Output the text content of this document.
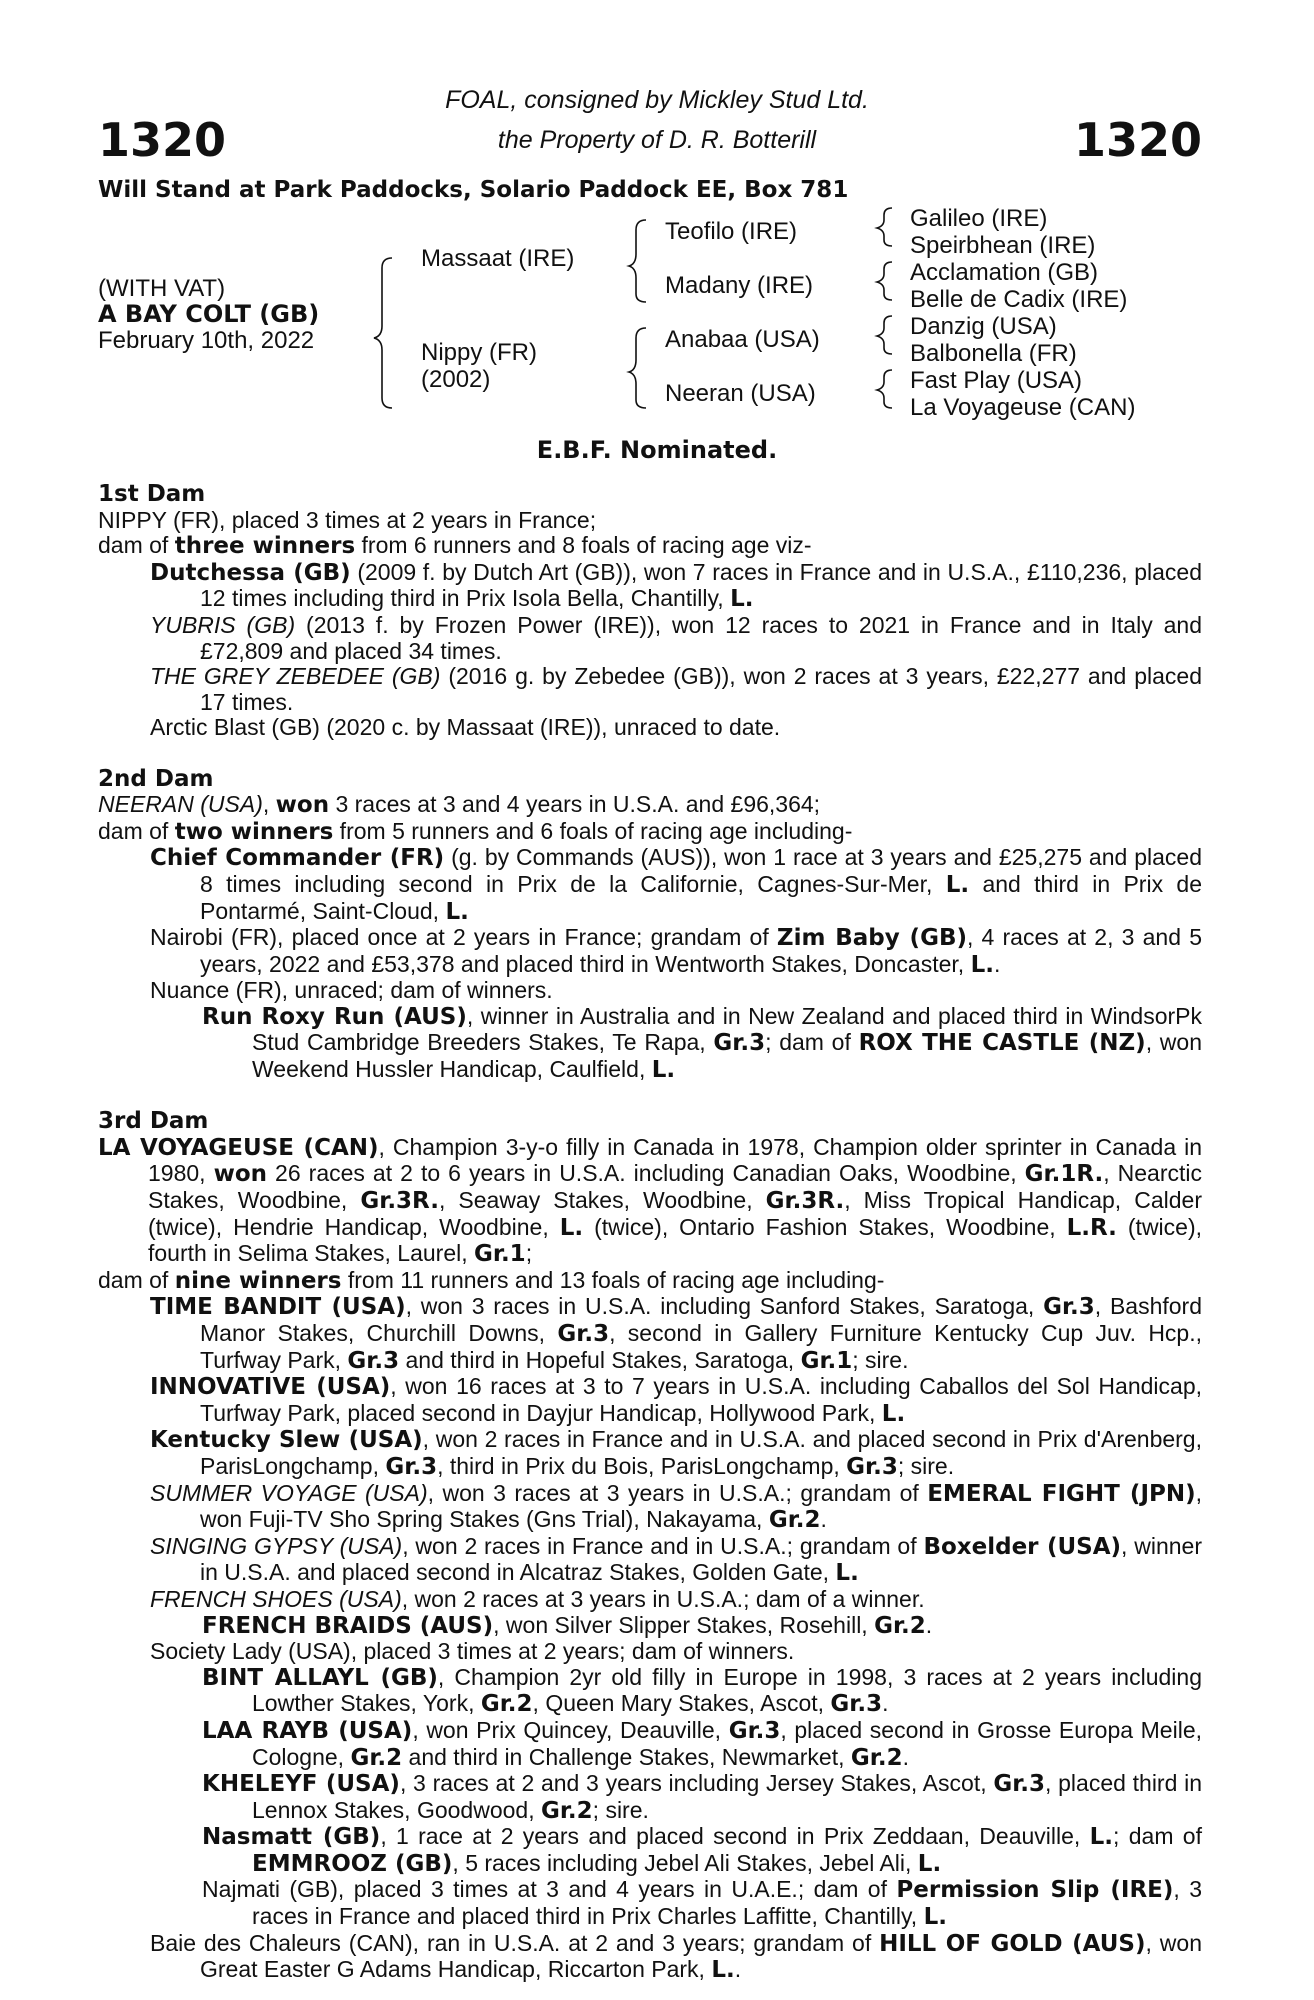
1320	1320
FOAL, consigned by Mickley Stud Ltd.
the Property of D. R. Botterill
Will Stand at Park Paddocks, Solario Paddock EE, Box 781
(WITH VAT)
A BAY COLT (GB)
February 10th, 2022
Massaat (IRE)
Nippy (FR)
(2002)
Teofilo (IRE)
Madany (IRE)
Anabaa (USA)
Neeran (USA)
Galileo (IRE)
Speirbhean (IRE)
Acclamation (GB)
Belle de Cadix (IRE)
Danzig (USA)
Balbonella (FR)
Fast Play (USA)
La Voyageuse (CAN)
E.B.F. Nominated.
1st Dam
NIPPY (FR), placed 3 times at 2 years in France;
dam of three winners from 6 runners and 8 foals of racing age viz-
Dutchessa (GB) (2009 f. by Dutch Art (GB)), won 7 races in France and in U.S.A., £110,236, placed 12 times including third in Prix Isola Bella, Chantilly, L.
YUBRIS (GB) (2013 f. by Frozen Power (IRE)), won 12 races to 2021 in France and in Italy and £72,809 and placed 34 times.
THE GREY ZEBEDEE (GB) (2016 g. by Zebedee (GB)), won 2 races at 3 years, £22,277 and placed 17 times.
Arctic Blast (GB) (2020 c. by Massaat (IRE)), unraced to date.
2nd Dam
NEERAN (USA), won 3 races at 3 and 4 years in U.S.A. and £96,364;
dam of two winners from 5 runners and 6 foals of racing age including-
Chief Commander (FR) (g. by Commands (AUS)), won 1 race at 3 years and £25,275 and placed 8 times including second in Prix de la Californie, Cagnes-Sur-Mer, L. and third in Prix de Pontarmé, Saint-Cloud, L.
Nairobi (FR), placed once at 2 years in France; grandam of Zim Baby (GB), 4 races at 2, 3 and 5 years, 2022 and £53,378 and placed third in Wentworth Stakes, Doncaster, L..
Nuance (FR), unraced; dam of winners.
Run Roxy Run (AUS), winner in Australia and in New Zealand and placed third in WindsorPk Stud Cambridge Breeders Stakes, Te Rapa, Gr.3; dam of ROX THE CASTLE (NZ), won Weekend Hussler Handicap, Caulfield, L.
3rd Dam
LA VOYAGEUSE (CAN), Champion 3-y-o filly in Canada in 1978, Champion older sprinter in Canada in 1980, won 26 races at 2 to 6 years in U.S.A. including Canadian Oaks, Woodbine, Gr.1R., Nearctic Stakes, Woodbine, Gr.3R., Seaway Stakes, Woodbine, Gr.3R., Miss Tropical Handicap, Calder (twice), Hendrie Handicap, Woodbine, L. (twice), Ontario Fashion Stakes, Woodbine, L.R. (twice), fourth in Selima Stakes, Laurel, Gr.1;
dam of nine winners from 11 runners and 13 foals of racing age including-
TIME BANDIT (USA), won 3 races in U.S.A. including Sanford Stakes, Saratoga, Gr.3, Bashford Manor Stakes, Churchill Downs, Gr.3, second in Gallery Furniture Kentucky Cup Juv. Hcp., Turfway Park, Gr.3 and third in Hopeful Stakes, Saratoga, Gr.1; sire.
INNOVATIVE (USA), won 16 races at 3 to 7 years in U.S.A. including Caballos del Sol Handicap, Turfway Park, placed second in Dayjur Handicap, Hollywood Park, L.
Kentucky Slew (USA), won 2 races in France and in U.S.A. and placed second in Prix d'Arenberg, ParisLongchamp, Gr.3, third in Prix du Bois, ParisLongchamp, Gr.3; sire.
SUMMER VOYAGE (USA), won 3 races at 3 years in U.S.A.; grandam of EMERAL FIGHT (JPN), won Fuji-TV Sho Spring Stakes (Gns Trial), Nakayama, Gr.2.
SINGING GYPSY (USA), won 2 races in France and in U.S.A.; grandam of Boxelder (USA), winner in U.S.A. and placed second in Alcatraz Stakes, Golden Gate, L.
FRENCH SHOES (USA), won 2 races at 3 years in U.S.A.; dam of a winner.
FRENCH BRAIDS (AUS), won Silver Slipper Stakes, Rosehill, Gr.2.
Society Lady (USA), placed 3 times at 2 years; dam of winners.
BINT ALLAYL (GB), Champion 2yr old filly in Europe in 1998, 3 races at 2 years including Lowther Stakes, York, Gr.2, Queen Mary Stakes, Ascot, Gr.3.
LAA RAYB (USA), won Prix Quincey, Deauville, Gr.3, placed second in Grosse Europa Meile, Cologne, Gr.2 and third in Challenge Stakes, Newmarket, Gr.2.
KHELEYF (USA), 3 races at 2 and 3 years including Jersey Stakes, Ascot, Gr.3, placed third in Lennox Stakes, Goodwood, Gr.2; sire.
Nasmatt (GB), 1 race at 2 years and placed second in Prix Zeddaan, Deauville, L.; dam of EMMROOZ (GB), 5 races including Jebel Ali Stakes, Jebel Ali, L.
Najmati (GB), placed 3 times at 3 and 4 years in U.A.E.; dam of Permission Slip (IRE), 3 races in France and placed third in Prix Charles Laffitte, Chantilly, L.
Baie des Chaleurs (CAN), ran in U.S.A. at 2 and 3 years; grandam of HILL OF GOLD (AUS), won Great Easter G Adams Handicap, Riccarton Park, L..
